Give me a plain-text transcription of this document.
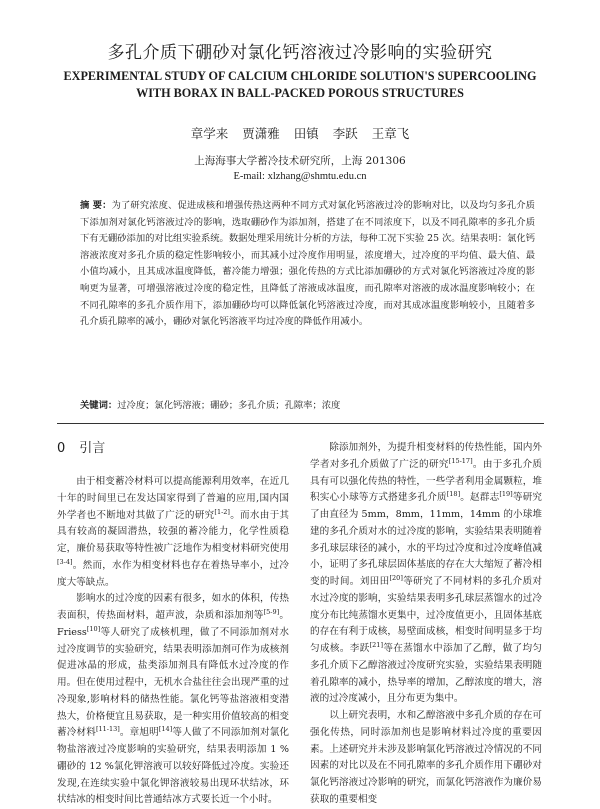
多孔介质下硼砂对氯化钙溶液过冷影响的实验研究
EXPERIMENTAL STUDY OF CALCIUM CHLORIDE SOLUTION'S SUPERCOOLING
WITH BORAX IN BALL-PACKED POROUS STRUCTURES
章学来 贾潇雅 田镇 李跃 王章飞
上海海事大学蓄冷技术研究所，上海 201306
E-mail: xlzhang@shmtu.edu.cn
摘 要：为了研究浓度、促进成核和增强传热这两种不同方式对氯化钙溶液过冷的影响对比，以及均匀多孔介质下添加剂对氯化钙溶液过冷的影响，选取硼砂作为添加剂，搭建了在不同浓度下，以及不同孔隙率的多孔介质下有无硼砂添加的对比组实验系统。数据处理采用统计分析的方法，每种工况下实验 25 次。结果表明：氯化钙溶液浓度对多孔介质的稳定性影响较小，而其减小过冷度作用明显，浓度增大，过冷度的平均值、最大值、最小值均减小，且其成冰温度降低，蓄冷能力增强；强化传热的方式比添加硼砂的方式对氯化钙溶液过冷度的影响更为显著，可增强溶液过冷度的稳定性，且降低了溶液成冰温度，而孔隙率对溶液的成冰温度影响较小；在不同孔隙率的多孔介质作用下，添加硼砂均可以降低氯化钙溶液过冷度，而对其成冰温度影响较小，且随着多孔介质孔隙率的减小，硼砂对氯化钙溶液平均过冷度的降低作用减小。
关键词：过冷度；氯化钙溶液；硼砂；多孔介质；孔隙率；浓度
0 引言

由于相变蓄冷材料可以提高能源利用效率，在近几十年的时间里已在发达国家得到了普遍的应用,国内国外学者也不断地对其做了广泛的研究[1-2]。而水由于其具有较高的凝固潜热，较强的蓄冷能力，化学性质稳定，廉价易获取等特性被广泛地作为相变材料研究使用[3-4]。然而，水作为相变材料也存在着热导率小，过冷度大等缺点。

影响水的过冷度的因素有很多，如水的体积，传热表面积，传热面材料，超声波，杂质和添加剂等[5-9]。Friess[10]等人研究了成核机理，做了不同添加剂对水过冷度调节的实验研究，结果表明添加剂可作为成核剂促进冰晶的形成，盐类添加剂具有降低水过冷度的作用。但在使用过程中，无机水合盐往往会出现严重的过冷现象,影响材料的储热性能。氯化钙等盐溶液相变潜热大，价格便宜且易获取，是一种实用价值较高的相变蓄冷材料[11-13]。章旭明[14]等人做了不同添加剂对氯化物盐溶液过冷度影响的实验研究，结果表明添加 1 %硼砂的 12 %氯化钾溶液可以较好降低过冷度。实验还发现,在连续实验中氯化钾溶液较易出现环状结冰，环状结冰的相变时间比普通结冰方式要长近一个小时。

除添加剂外，为提升相变材料的传热性能，国内外学者对多孔介质做了广泛的研究[15-17]。由于多孔介质具有可以强化传热的特性，一些学者利用金属颗粒，堆积实心小球等方式搭建多孔介质[18]。赵群志[19]等研究了由直径为 5mm，8mm，11mm，14mm 的小球堆建的多孔介质对水的过冷度的影响，实验结果表明随着多孔球层球径的减小，水的平均过冷度和过冷度峰值减小，证明了多孔球层固体基底的存在大大缩短了蓄冷相变的时间。刘田田[20]等研究了不同材料的多孔介质对水过冷度的影响，实验结果表明多孔球层蒸馏水的过冷度分布比纯蒸馏水更集中，过冷度值更小，且固体基底的存在有利于成核，易壁面成核，相变时间明显多于均匀成核。李跃[21]等在蒸馏水中添加了乙醇，做了均匀多孔介质下乙醇溶液过冷度研究实验，实验结果表明随着孔隙率的减小，热导率的增加，乙醇浓度的增大，溶液的过冷度减小，且分布更为集中。

以上研究表明，水和乙醇溶液中多孔介质的存在可强化传热，同时添加剂也是影响材料过冷度的重要因素。上述研究并未涉及影响氯化钙溶液过冷情况的不同因素的对比以及在不同孔隙率的多孔介质作用下硼砂对氯化钙溶液过冷影响的研究，而氯化钙溶液作为廉价易获取的重要相变
